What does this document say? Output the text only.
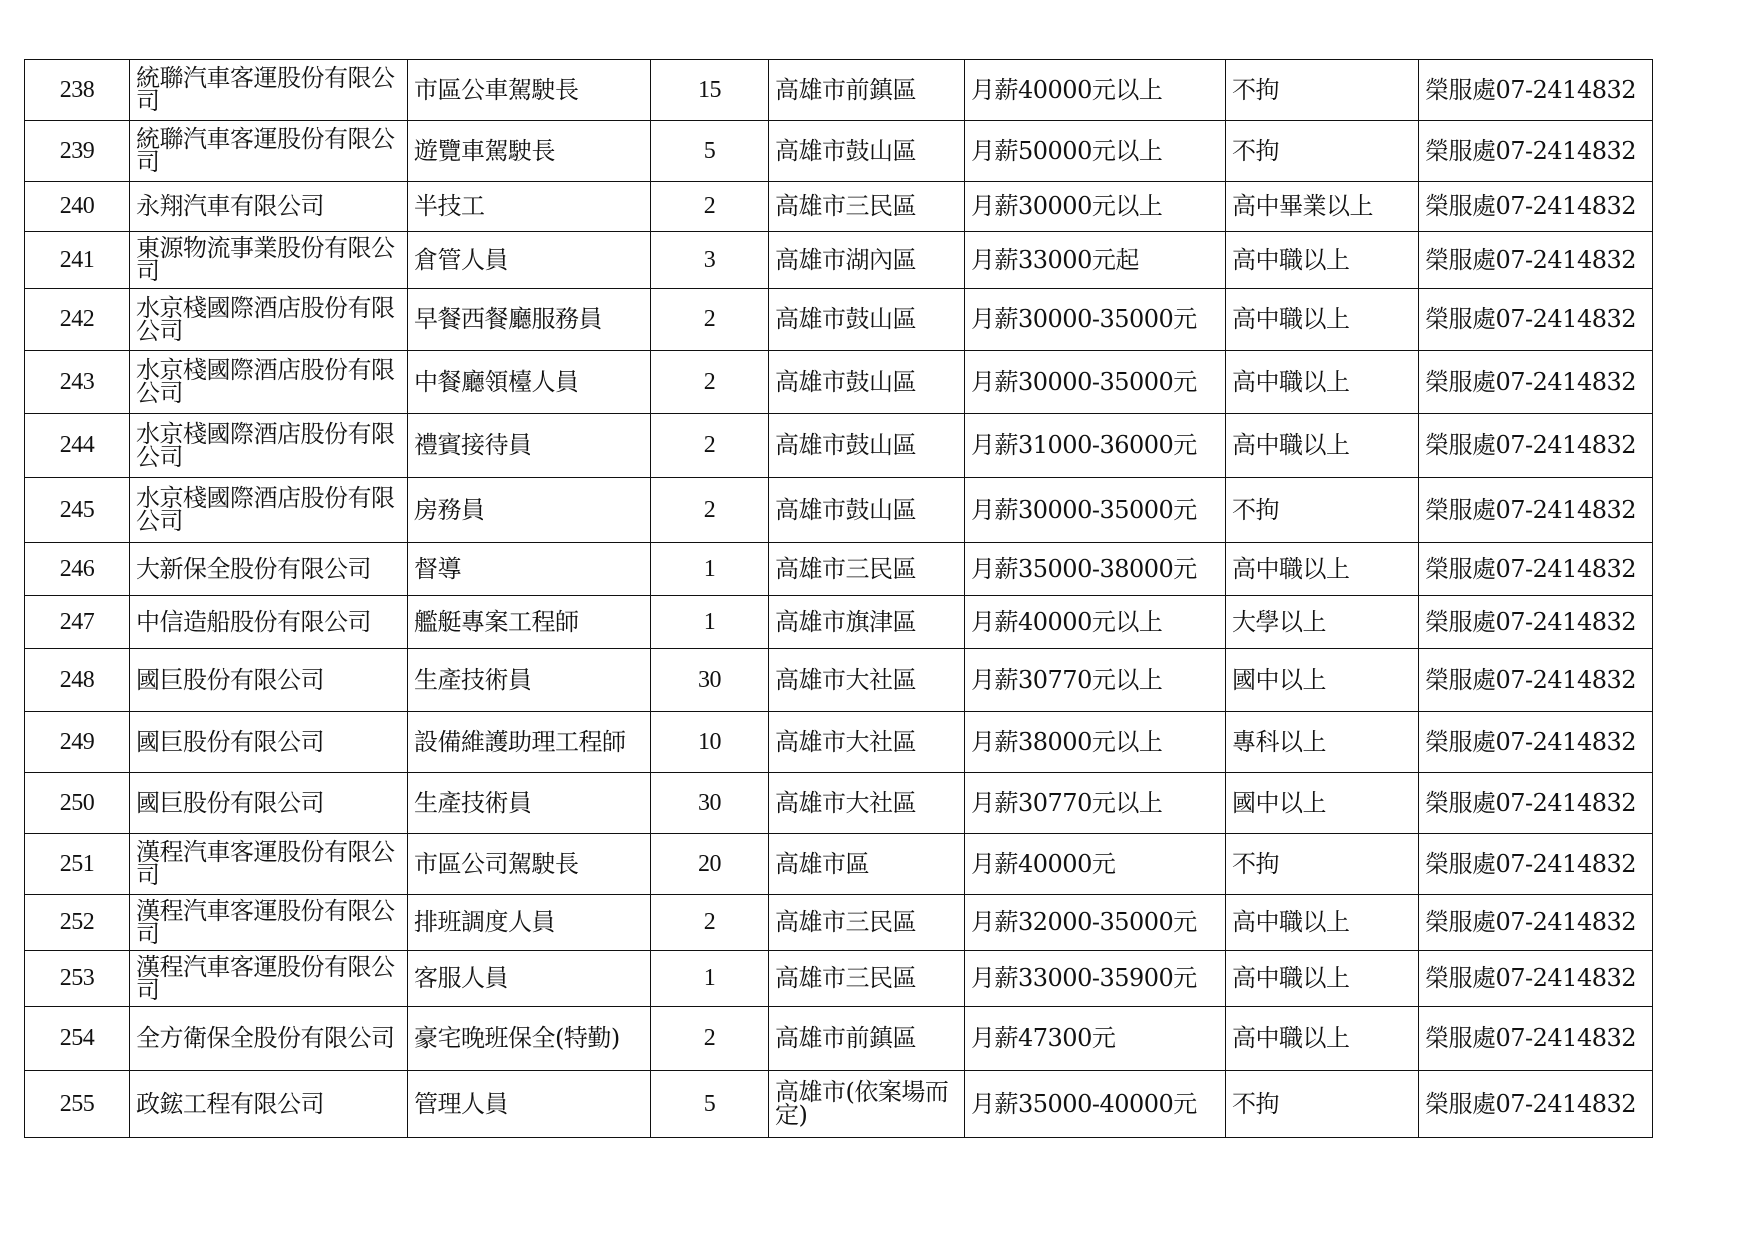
238	統聯汽車客運股份有限公司	市區公車駕駛長	15	高雄市前鎮區	月薪40000元以上	不拘	榮服處07-2414832
239	統聯汽車客運股份有限公司	遊覽車駕駛長	5	高雄市鼓山區	月薪50000元以上	不拘	榮服處07-2414832
240	永翔汽車有限公司	半技工	2	高雄市三民區	月薪30000元以上	高中畢業以上	榮服處07-2414832
241	東源物流事業股份有限公司	倉管人員	3	高雄市湖內區	月薪33000元起	高中職以上	榮服處07-2414832
242	水京棧國際酒店股份有限公司	早餐西餐廳服務員	2	高雄市鼓山區	月薪30000-35000元	高中職以上	榮服處07-2414832
243	水京棧國際酒店股份有限公司	中餐廳領檯人員	2	高雄市鼓山區	月薪30000-35000元	高中職以上	榮服處07-2414832
244	水京棧國際酒店股份有限公司	禮賓接待員	2	高雄市鼓山區	月薪31000-36000元	高中職以上	榮服處07-2414832
245	水京棧國際酒店股份有限公司	房務員	2	高雄市鼓山區	月薪30000-35000元	不拘	榮服處07-2414832
246	大新保全股份有限公司	督導	1	高雄市三民區	月薪35000-38000元	高中職以上	榮服處07-2414832
247	中信造船股份有限公司	艦艇專案工程師	1	高雄市旗津區	月薪40000元以上	大學以上	榮服處07-2414832
248	國巨股份有限公司	生產技術員	30	高雄市大社區	月薪30770元以上	國中以上	榮服處07-2414832
249	國巨股份有限公司	設備維護助理工程師	10	高雄市大社區	月薪38000元以上	專科以上	榮服處07-2414832
250	國巨股份有限公司	生產技術員	30	高雄市大社區	月薪30770元以上	國中以上	榮服處07-2414832
251	漢程汽車客運股份有限公司	市區公司駕駛長	20	高雄市區	月薪40000元	不拘	榮服處07-2414832
252	漢程汽車客運股份有限公司	排班調度人員	2	高雄市三民區	月薪32000-35000元	高中職以上	榮服處07-2414832
253	漢程汽車客運股份有限公司	客服人員	1	高雄市三民區	月薪33000-35900元	高中職以上	榮服處07-2414832
254	全方衛保全股份有限公司	豪宅晚班保全(特勤)	2	高雄市前鎮區	月薪47300元	高中職以上	榮服處07-2414832
255	政鋐工程有限公司	管理人員	5	高雄市(依案場而定)	月薪35000-40000元	不拘	榮服處07-2414832
